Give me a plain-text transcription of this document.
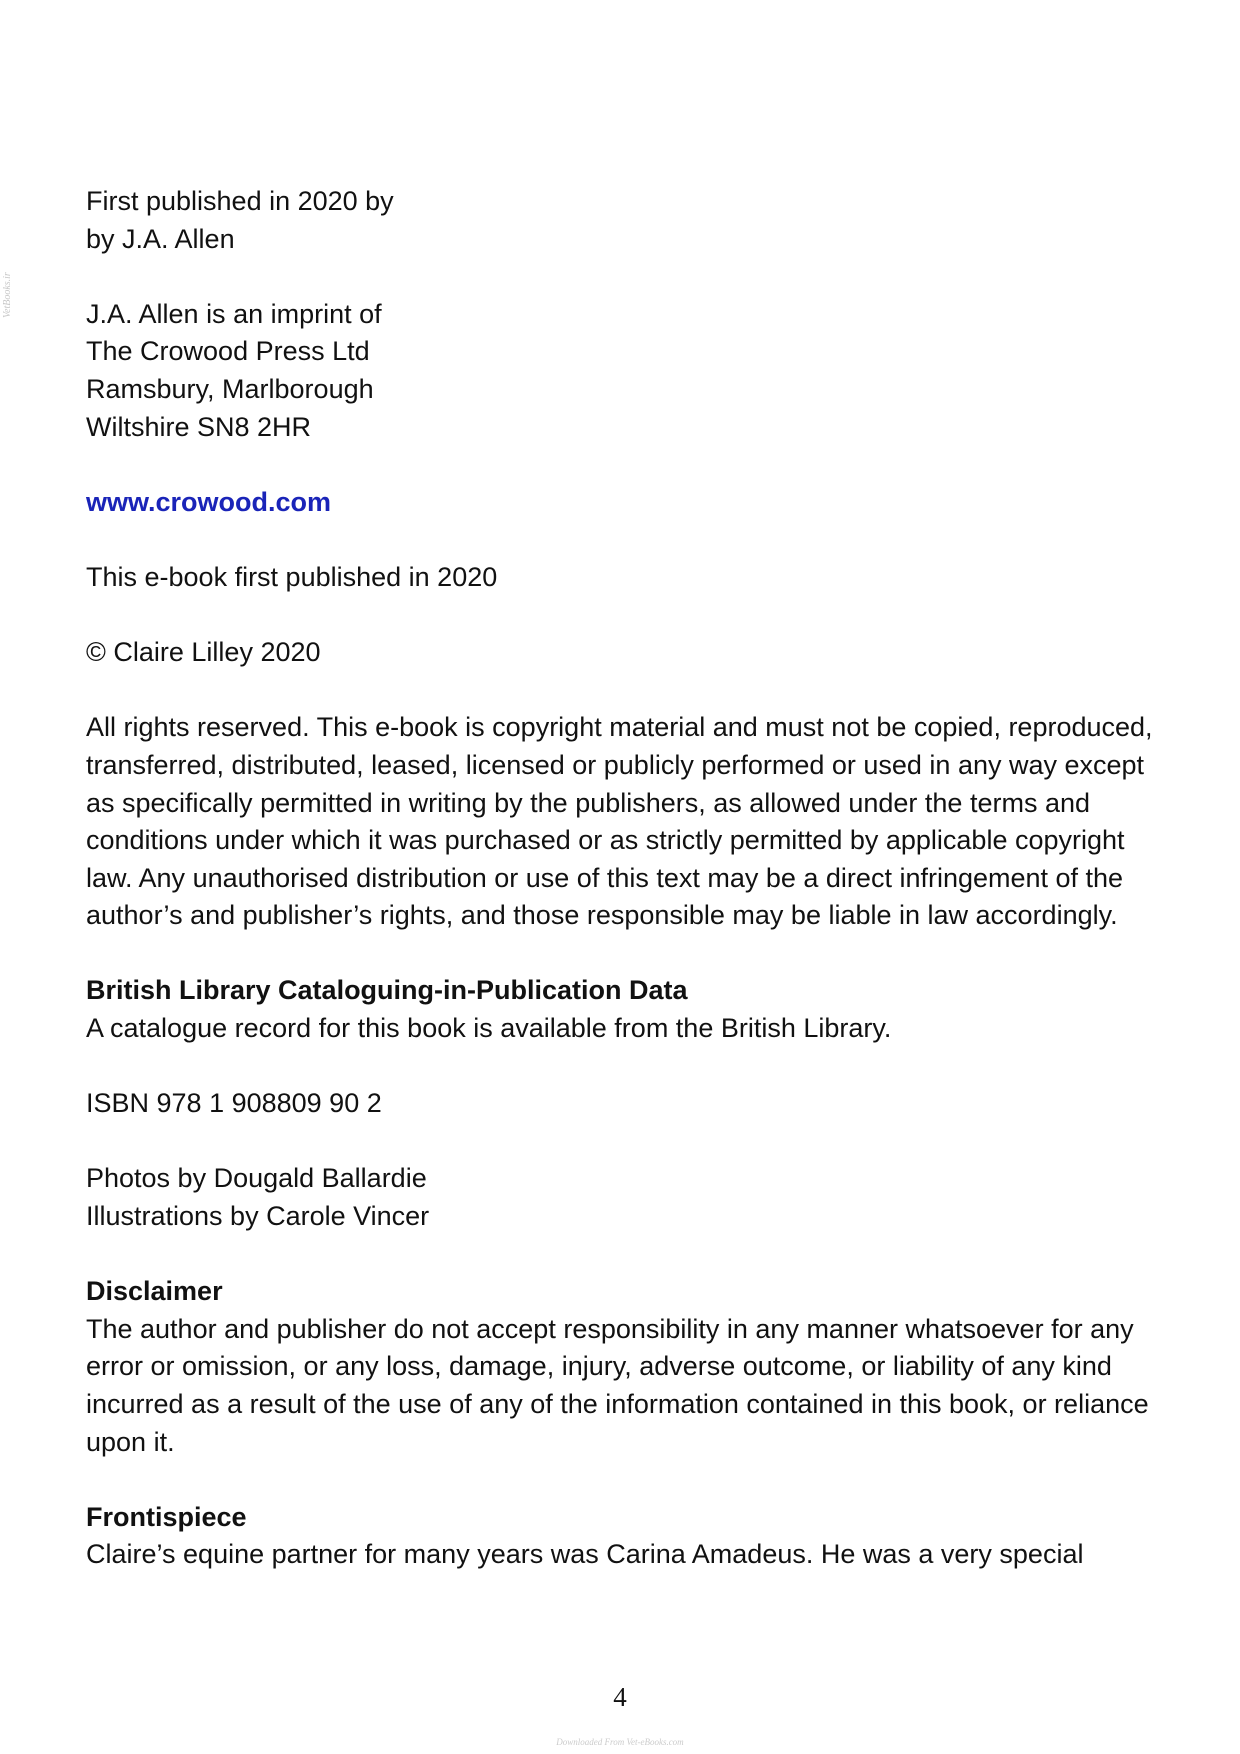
VetBooks.ir
First published in 2020 by
by J.A. Allen
J.A. Allen is an imprint of
The Crowood Press Ltd
Ramsbury, Marlborough
Wiltshire SN8 2HR
www.crowood.com
This e-book first published in 2020
© Claire Lilley 2020

All rights reserved. This e-book is copyright material and must not be copied, reproduced, transferred, distributed, leased, licensed or publicly performed or used in any way except as specifically permitted in writing by the publishers, as allowed under the terms and conditions under which it was purchased or as strictly permitted by applicable copyright law. Any unauthorised distribution or use of this text may be a direct infringement of the author’s and publisher’s rights, and those responsible may be liable in law accordingly.

British Library Cataloguing-in-Publication Data
A catalogue record for this book is available from the British Library.
ISBN 978 1 908809 90 2
Photos by Dougald Ballardie
Illustrations by Carole Vincer
Disclaimer

The author and publisher do not accept responsibility in any manner whatsoever for any error or omission, or any loss, damage, injury, adverse outcome, or liability of any kind incurred as a result of the use of any of the information contained in this book, or reliance upon it.

Frontispiece

Claire’s equine partner for many years was Carina Amadeus. He was a very special

4
Downloaded From Vet-eBooks.com
